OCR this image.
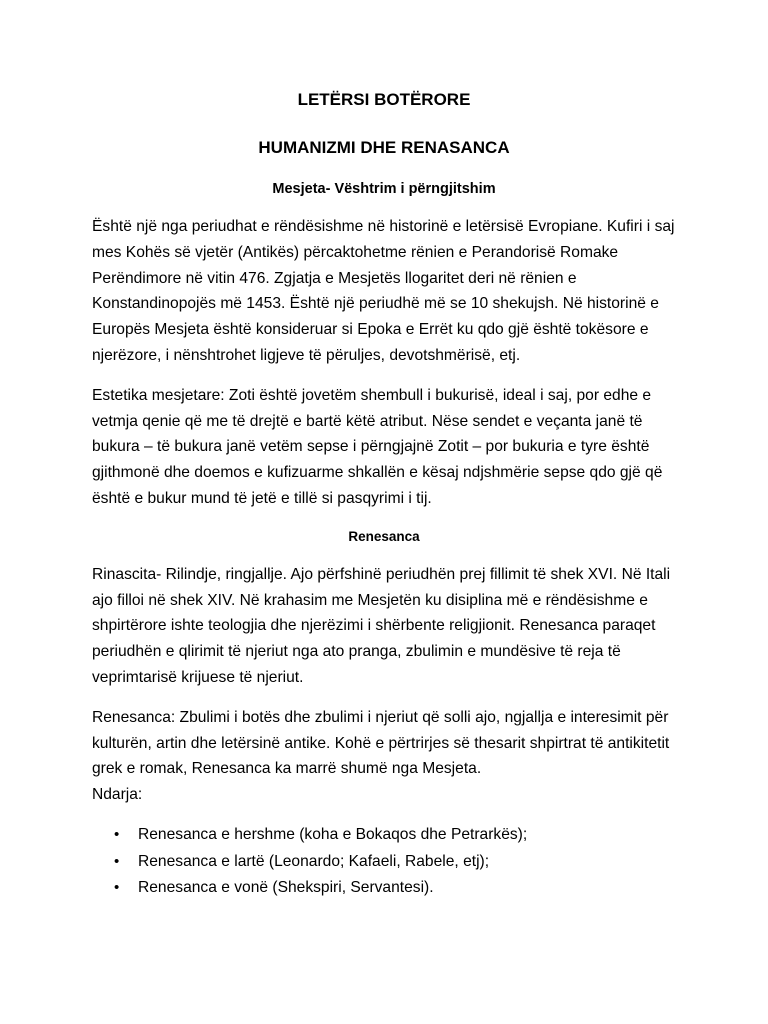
LETËRSI BOTËRORE
HUMANIZMI DHE RENASANCA
Mesjeta- Vështrim i përngjitshim

Është një nga periudhat e rëndësishme në historinë e letërsisë Evropiane. Kufiri i saj mes Kohës së vjetër (Antikës) përcaktohetme rënien e Perandorisë Romake Perëndimore në vitin 476. Zgjatja e Mesjetës llogaritet deri në rënien e Konstandinopojës më 1453. Është një periudhë më se 10 shekujsh. Në historinë e Europës Mesjeta është konsideruar si Epoka e Errët ku qdo gjë është tokësore e njerëzore, i nënshtrohet ligjeve të përuljes, devotshmërisë, etj.

Estetika mesjetare: Zoti është jovetëm shembull i bukurisë, ideal i saj, por edhe e vetmja qenie që me të drejtë e bartë këtë atribut. Nëse sendet e veçanta janë të bukura – të bukura janë vetëm sepse i përngjajnë Zotit – por bukuria e tyre është gjithmonë dhe doemos e kufizuarme shkallën e kësaj ndjshmërie sepse qdo gjë që është e bukur mund të jetë e tillë si pasqyrimi i tij.

Renesanca

Rinascita- Rilindje, ringjallje. Ajo përfshinë periudhën prej fillimit të shek XVI. Në Itali ajo filloi në shek XIV. Në krahasim me Mesjetën ku disiplina më e rëndësishme e shpirtërore ishte teologjia dhe njerëzimi i shërbente religjionit. Renesanca paraqet periudhën e qlirimit të njeriut nga ato pranga, zbulimin e mundësive të reja të veprimtarisë krijuese të njeriut.

Renesanca: Zbulimi i botës dhe zbulimi i njeriut që solli ajo, ngjallja e interesimit për kulturën, artin dhe letërsinë antike. Kohë e përtrirjes së thesarit shpirtrat të antikitetit grek e romak, Renesanca ka marrë shumë nga Mesjeta.
Ndarja:

• Renesanca e hershme (koha e Bokaqos dhe Petrarkës);
• Renesanca e lartë (Leonardo; Kafaeli, Rabele, etj);
• Renesanca e vonë (Shekspiri, Servantesi).
